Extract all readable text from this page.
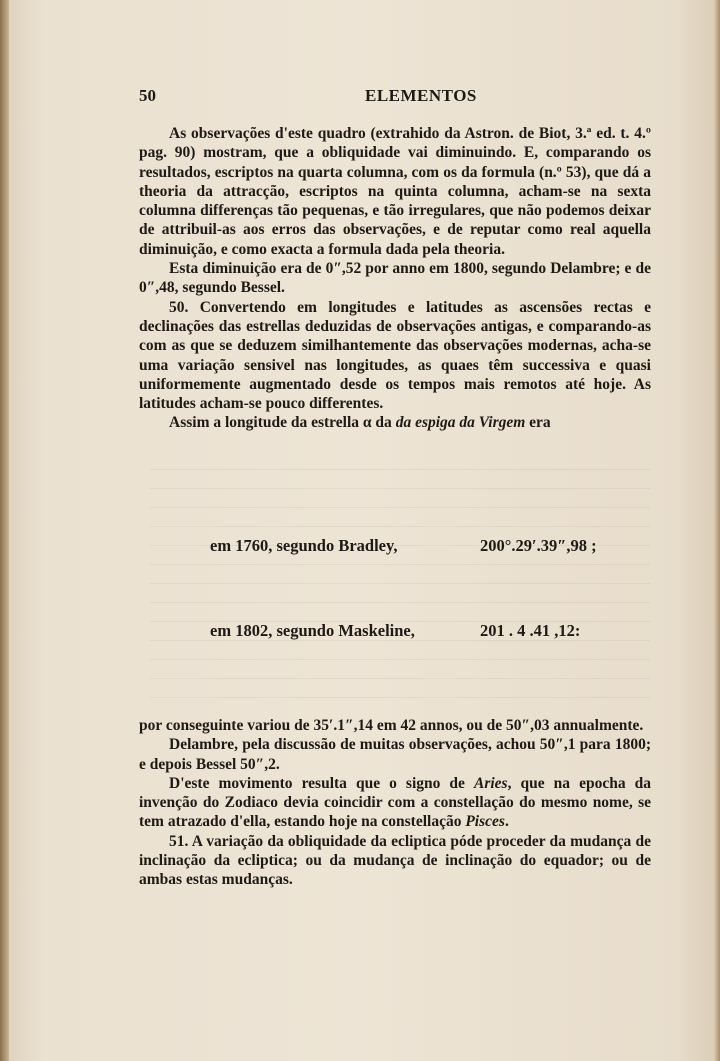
50	ELEMENTOS

As observações d'este quadro (extrahido da Astron. de Biot, 3.ª ed. t. 4.º pag. 90) mostram, que a obliquidade vai diminuindo. E, comparando os resultados, escriptos na quarta columna, com os da formula (n.º 53), que dá a theoria da attracção, escriptos na quinta columna, acham-se na sexta columna differenças tão pequenas, e tão irregulares, que não podemos deixar de attribuil-as aos erros das observações, e de reputar como real aquella diminuição, e como exacta a formula dada pela theoria.

Esta diminuição era de 0″,52 por anno em 1800, segundo Delambre; e de 0″,48, segundo Bessel.

50. Convertendo em longitudes e latitudes as ascensões rectas e declinações das estrellas deduzidas de observações antigas, e comparando-as com as que se deduzem similhantemente das observações modernas, acha-se uma variação sensivel nas longitudes, as quaes têm successiva e quasi uniformemente augmentado desde os tempos mais remotos até hoje. As latitudes acham-se pouco differentes.

Assim a longitude da estrella α da da espiga da Virgem era

em 1760, segundo Bradley,	200°.29′.39″,98 ;
em 1802, segundo Maskeline,	201 . 4 .41 ,12:

por conseguinte variou de 35′.1″,14 em 42 annos, ou de 50″,03 annualmente.

Delambre, pela discussão de muitas observações, achou 50″,1 para 1800; e depois Bessel 50″,2.

D'este movimento resulta que o signo de Aries, que na epocha da invenção do Zodiaco devia coincidir com a constellação do mesmo nome, se tem atrazado d'ella, estando hoje na constellação Pisces.

51. A variação da obliquidade da ecliptica póde proceder da mudança de inclinação da ecliptica; ou da mudança de inclinação do equador; ou de ambas estas mudanças.
